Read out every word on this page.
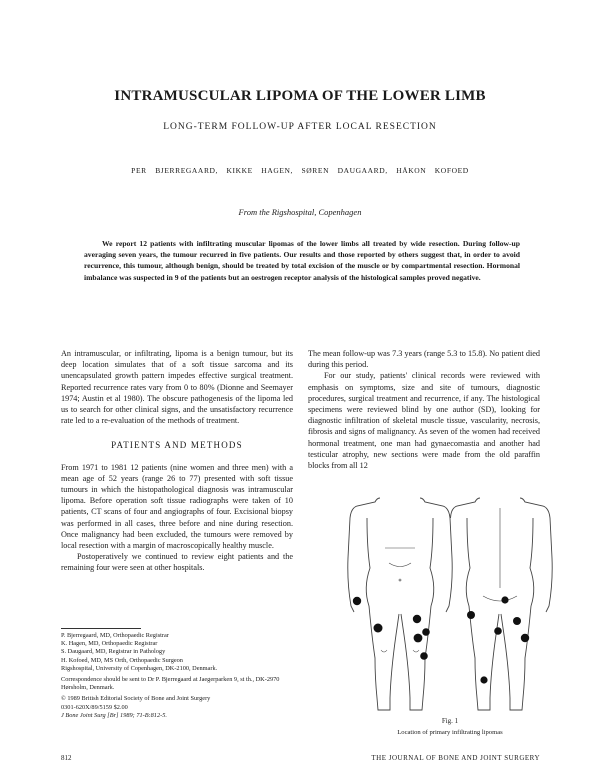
INTRAMUSCULAR LIPOMA OF THE LOWER LIMB
LONG-TERM FOLLOW-UP AFTER LOCAL RESECTION
PER BJERREGAARD, KIKKE HAGEN, SØREN DAUGAARD, HÅKON KOFOED
From the Rigshospital, Copenhagen

We report 12 patients with infiltrating muscular lipomas of the lower limbs all treated by wide resection. During follow-up averaging seven years, the tumour recurred in five patients. Our results and those reported by others suggest that, in order to avoid recurrence, this tumour, although benign, should be treated by total excision of the muscle or by compartmental resection. Hormonal imbalance was suspected in 9 of the patients but an oestrogen receptor analysis of the histological samples proved negative.

An intramuscular, or infiltrating, lipoma is a benign tumour, but its deep location simulates that of a soft tissue sarcoma and its unencapsulated growth pattern impedes effective surgical treatment. Reported recurrence rates vary from 0 to 80% (Dionne and Seemayer 1974; Austin et al 1980). The obscure pathogenesis of the lipoma led us to search for other clinical signs, and the unsatisfactory recurrence rate led to a re-evaluation of the methods of treatment.

PATIENTS AND METHODS

From 1971 to 1981 12 patients (nine women and three men) with a mean age of 52 years (range 26 to 77) presented with soft tissue tumours in which the histopathological diagnosis was intramuscular lipoma. Before operation soft tissue radiographs were taken of 10 patients, CT scans of four and angiographs of four. Excisional biopsy was performed in all cases, three before and nine during resection. Once malignancy had been excluded, the tumours were removed by local resection with a margin of macroscopically healthy muscle.

Postoperatively we continued to review eight patients and the remaining four were seen at other hospitals.

The mean follow-up was 7.3 years (range 5.3 to 15.8). No patient died during this period.

For our study, patients' clinical records were reviewed with emphasis on symptoms, size and site of tumours, diagnostic procedures, surgical treatment and recurrence, if any. The histological specimens were reviewed blind by one author (SD), looking for diagnostic infiltration of skeletal muscle tissue, vascularity, necrosis, fibrosis and signs of malignancy. As seven of the women had received hormonal treatment, one man had gynaecomastia and another had testicular atrophy, new sections were made from the old paraffin blocks from all 12

P. Bjerregaard, MD, Orthopaedic Registrar
K. Hagen, MD, Orthopaedic Registrar
S. Daugaard, MD, Registrar in Pathology
H. Kofoed, MD, MS Orth, Orthopaedic Surgeon
Rigshospital, University of Copenhagen, DK-2100, Denmark.

Correspondence should be sent to Dr P. Bjerregaard at Jaegerparken 9, st th., DK-2970 Hørsholm, Denmark.

© 1989 British Editorial Society of Bone and Joint Surgery
0301-620X/89/5159 $2.00
J Bone Joint Surg [Br] 1989; 71-B:812-5.

Fig. 1
Location of primary infiltrating lipomas
812	THE JOURNAL OF BONE AND JOINT SURGERY
